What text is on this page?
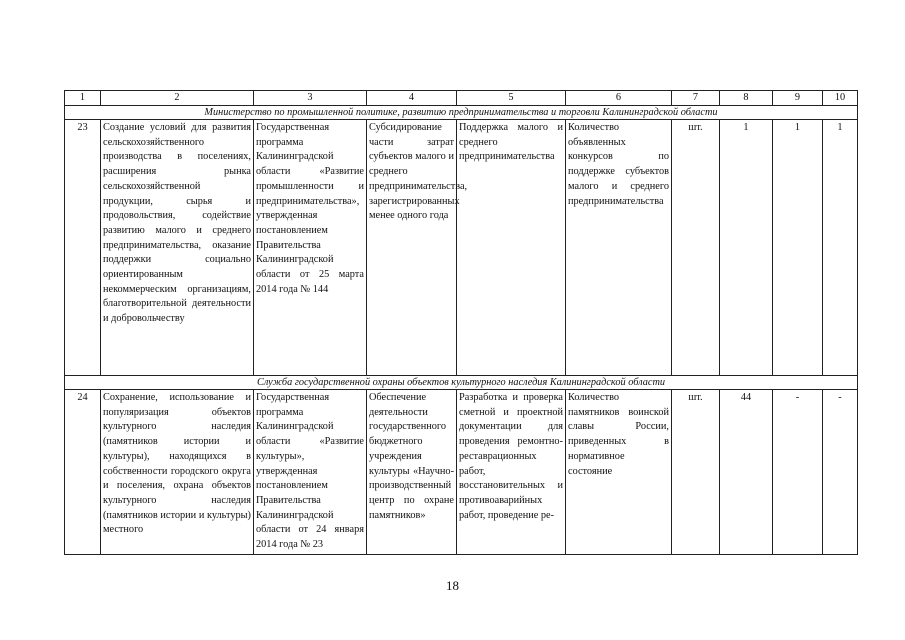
1	2	3	4	5	6	7	8	9	10
Министерство по промышленной политике, развитию предпринимательства и торговли Калининградской области									
23	Создание условий для развития сельскохозяйственного производства в поселениях, расширения рынка сельскохозяйственной продукции, сырья и продовольствия, содействие развитию малого и среднего предпринимательства, оказание поддержки социально ориентированным некоммерческим организациям, благотворительной деятельности и добровольчеству	Государственная программа Калининградской области «Развитие промышленности и предпринимательства», утвержденная постановлением Правительства Калининградской области от 25 марта 2014 года № 144	Субсидирование части затрат субъектов малого и среднего предпринимательства, зарегистрированных менее одного года	Поддержка малого и среднего предпринимательства	Количество объявленных конкурсов по поддержке субъектов малого и среднего предпринимательства	шт.	1	1	1
Служба государственной охраны объектов культурного наследия Калининградской области									
24	Сохранение, использование и популяризация объектов культурного наследия (памятников истории и культуры), находящихся в собственности городского округа и поселения, охрана объектов культурного наследия (памятников истории и культуры) местного	Государственная программа Калининградской области «Развитие культуры», утвержденная постановлением Правительства Калининградской области от 24 января 2014 года № 23	Обеспечение деятельности государственного бюджетного учреждения культуры «Научно-производственный центр по охране памятников»	Разработка и проверка сметной и проектной документации для проведения ремонтно-реставрационных работ, восстановительных и противоаварийных работ, проведение ре-	Количество памятников воинской славы России, приведенных в нормативное состояние	шт.	44	-	-
18
